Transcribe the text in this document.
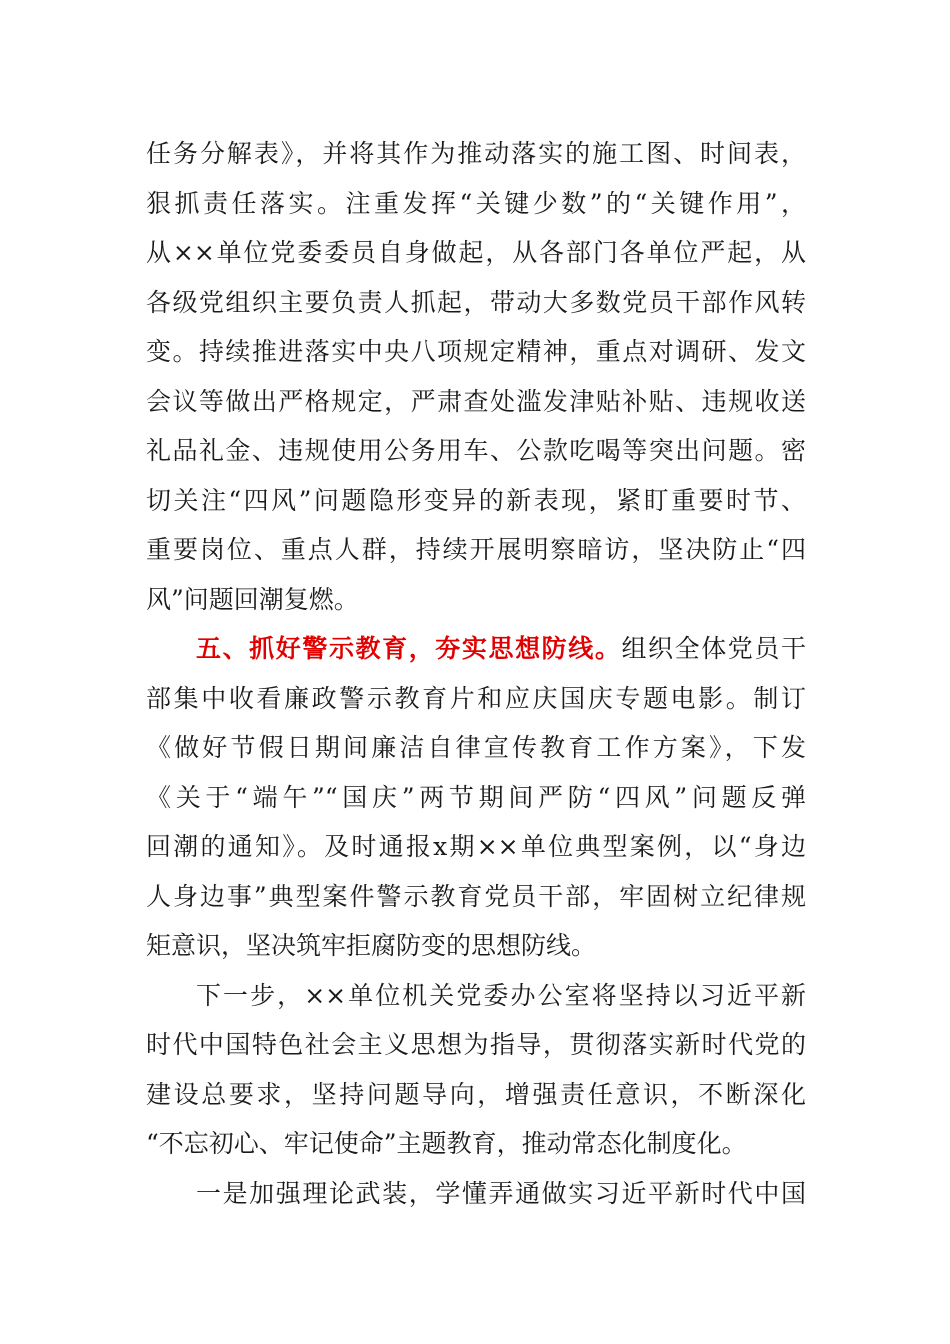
任务分解表》，并将其作为推动落实的施工图、时间表，
狠抓责任落实。注重发挥“关键少数”的“关键作用”，
从××单位党委委员自身做起，从各部门各单位严起，从
各级党组织主要负责人抓起，带动大多数党员干部作风转
变。持续推进落实中央八项规定精神，重点对调研、发文
会议等做出严格规定，严肃查处滥发津贴补贴、违规收送
礼品礼金、违规使用公务用车、公款吃喝等突出问题。密
切关注“四风”问题隐形变异的新表现，紧盯重要时节、
重要岗位、重点人群，持续开展明察暗访，坚决防止“四
风”问题回潮复燃。
五、抓好警示教育，夯实思想防线。组织全体党员干
部集中收看廉政警示教育片和应庆国庆专题电影。制订
《做好节假日期间廉洁自律宣传教育工作方案》，下发
《关于“端午”“国庆”两节期间严防“四风”问题反弹
回潮的通知》。及时通报x期××单位典型案例，以“身边
人身边事”典型案件警示教育党员干部，牢固树立纪律规
矩意识，坚决筑牢拒腐防变的思想防线。
下一步，××单位机关党委办公室将坚持以习近平新
时代中国特色社会主义思想为指导，贯彻落实新时代党的
建设总要求，坚持问题导向，增强责任意识，不断深化
“不忘初心、牢记使命”主题教育，推动常态化制度化。
一是加强理论武装，学懂弄通做实习近平新时代中国
